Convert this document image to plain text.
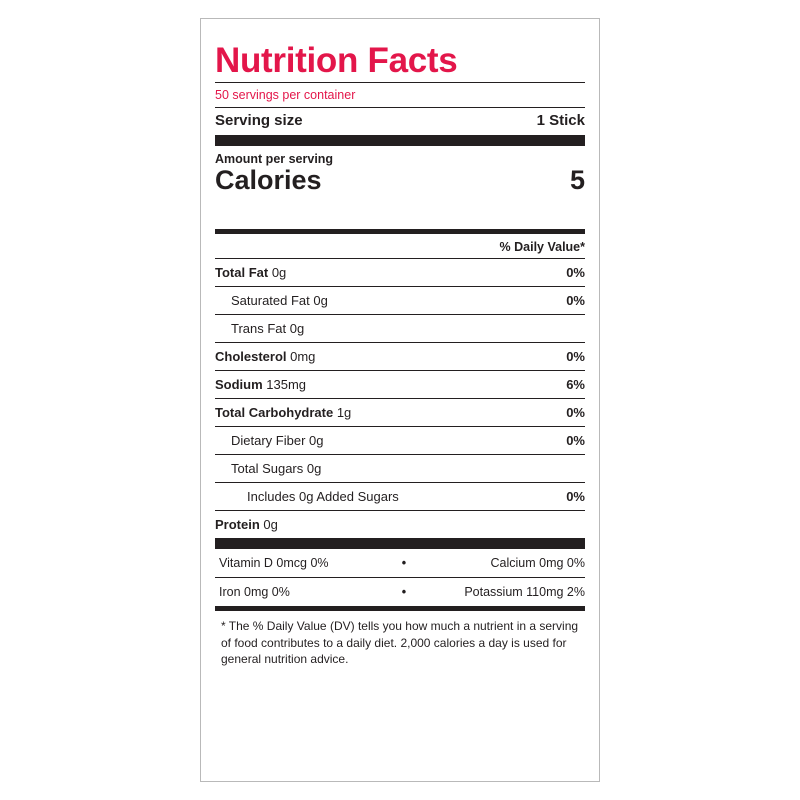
Nutrition Facts
50 servings per container
Serving size	1 Stick
Amount per serving
Calories	5
% Daily Value*
Total Fat 0g	0%
Saturated Fat 0g	0%
Trans Fat 0g
Cholesterol 0mg	0%
Sodium 135mg	6%
Total Carbohydrate 1g	0%
Dietary Fiber 0g	0%
Total Sugars 0g
Includes 0g Added Sugars	0%
Protein 0g
Vitamin D 0mcg 0%	•	Calcium 0mg 0%
Iron 0mg 0%	•	Potassium 110mg 2%
* The % Daily Value (DV) tells you how much a nutrient in a serving of food contributes to a daily diet. 2,000 calories a day is used for general nutrition advice.
